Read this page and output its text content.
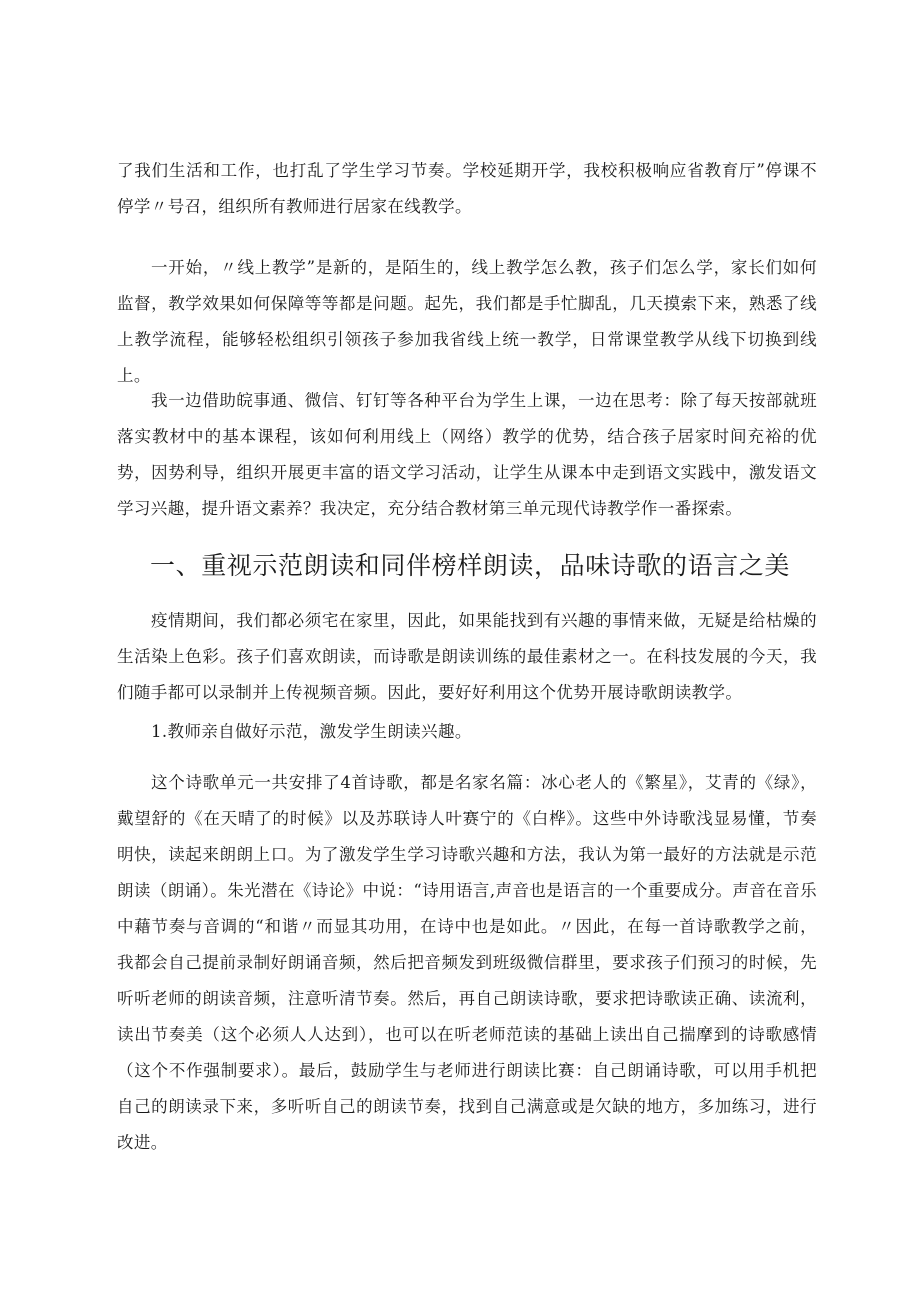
了我们生活和工作，也打乱了学生学习节奏。学校延期开学，我校积极响应省教育厅”停课不停学〃号召，组织所有教师进行居家在线教学。

一开始，〃线上教学”是新的，是陌生的，线上教学怎么教，孩子们怎么学，家长们如何监督，教学效果如何保障等等都是问题。起先，我们都是手忙脚乱，几天摸索下来，熟悉了线上教学流程，能够轻松组织引领孩子参加我省线上统一教学，日常课堂教学从线下切换到线上。

我一边借助皖事通、微信、钉钉等各种平台为学生上课，一边在思考：除了每天按部就班落实教材中的基本课程，该如何利用线上（网络）教学的优势，结合孩子居家时间充裕的优势，因势利导，组织开展更丰富的语文学习活动，让学生从课本中走到语文实践中，激发语文学习兴趣，提升语文素养？我决定，充分结合教材第三单元现代诗教学作一番探索。

一、重视示范朗读和同伴榜样朗读，品味诗歌的语言之美

疫情期间，我们都必须宅在家里，因此，如果能找到有兴趣的事情来做，无疑是给枯燥的生活染上色彩。孩子们喜欢朗读，而诗歌是朗读训练的最佳素材之一。在科技发展的今天，我们随手都可以录制并上传视频音频。因此，要好好利用这个优势开展诗歌朗读教学。

1.教师亲自做好示范，激发学生朗读兴趣。

这个诗歌单元一共安排了4首诗歌，都是名家名篇：冰心老人的《繁星》，艾青的《绿》，戴望舒的《在天晴了的时候》以及苏联诗人叶赛宁的《白桦》。这些中外诗歌浅显易懂，节奏明快，读起来朗朗上口。为了激发学生学习诗歌兴趣和方法，我认为第一最好的方法就是示范朗读（朗诵）。朱光潜在《诗论》中说：“诗用语言,声音也是语言的一个重要成分。声音在音乐中藉节奏与音调的“和谐〃而显其功用，在诗中也是如此。〃因此，在每一首诗歌教学之前，我都会自己提前录制好朗诵音频，然后把音频发到班级微信群里，要求孩子们预习的时候，先听听老师的朗读音频，注意听清节奏。然后，再自己朗读诗歌，要求把诗歌读正确、读流利，读出节奏美（这个必须人人达到），也可以在听老师范读的基础上读出自己揣摩到的诗歌感情（这个不作强制要求）。最后，鼓励学生与老师进行朗读比赛：自己朗诵诗歌，可以用手机把自己的朗读录下来，多听听自己的朗读节奏，找到自己满意或是欠缺的地方，多加练习，进行改进。
